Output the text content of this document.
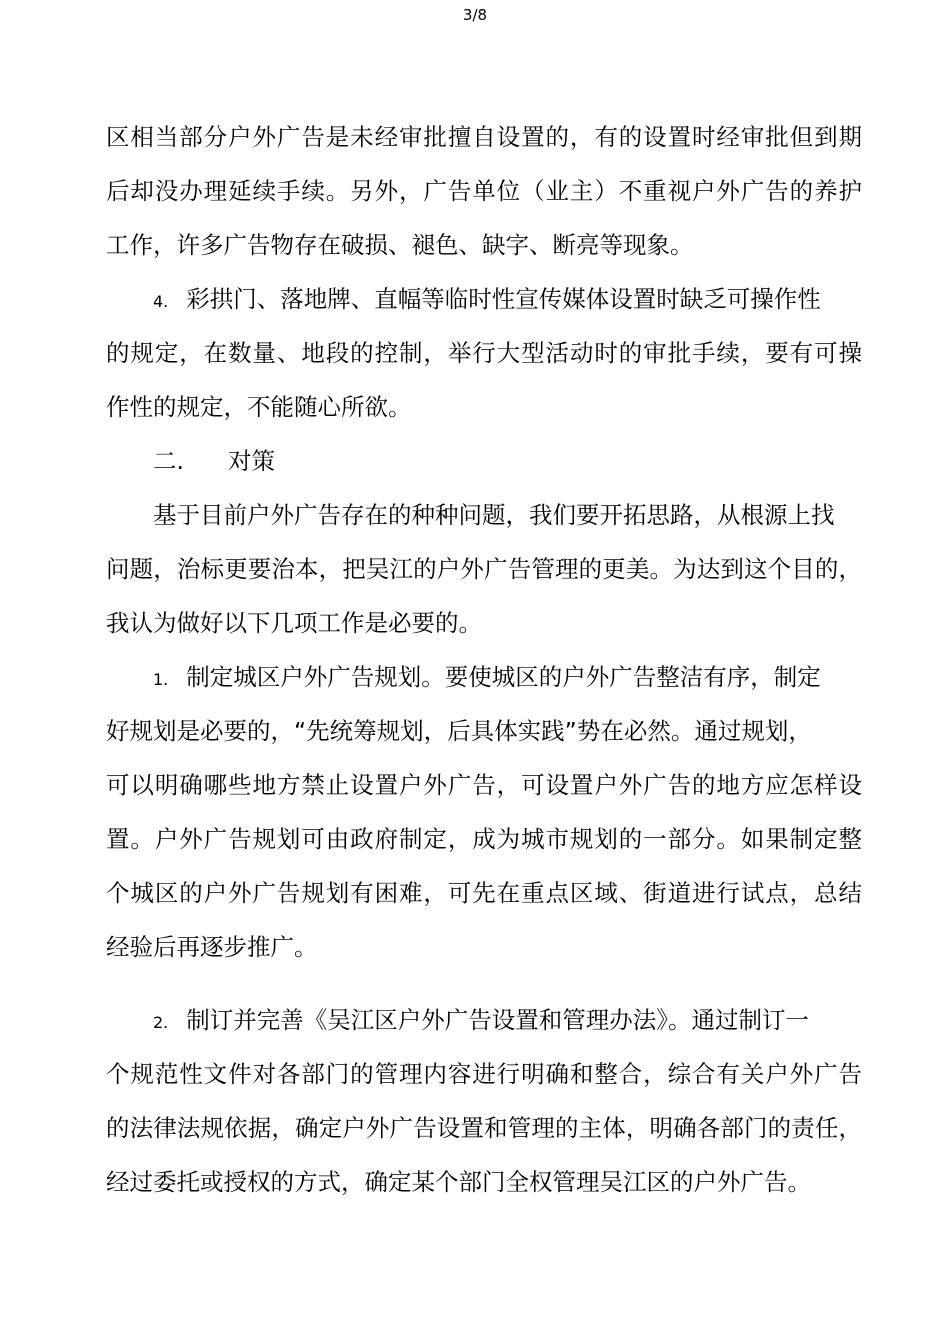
3/8
区相当部分户外广告是未经审批擅自设置的，有的设置时经审批但到期
后却没办理延续手续。另外，广告单位（业主）不重视户外广告的养护
工作，许多广告物存在破损、褪色、缺字、断亮等现象。
4. 彩拱门、落地牌、直幅等临时性宣传媒体设置时缺乏可操作性
的规定，在数量、地段的控制，举行大型活动时的审批手续，要有可操
作性的规定，不能随心所欲。
二. 对策
基于目前户外广告存在的种种问题，我们要开拓思路，从根源上找
问题，治标更要治本，把吴江的户外广告管理的更美。为达到这个目的，
我认为做好以下几项工作是必要的。
1. 制定城区户外广告规划。要使城区的户外广告整洁有序，制定
好规划是必要的，“先统筹规划，后具体实践”势在必然。通过规划，
可以明确哪些地方禁止设置户外广告，可设置户外广告的地方应怎样设
置。户外广告规划可由政府制定，成为城市规划的一部分。如果制定整
个城区的户外广告规划有困难，可先在重点区域、街道进行试点，总结
经验后再逐步推广。
2. 制订并完善《吴江区户外广告设置和管理办法》。通过制订一
个规范性文件对各部门的管理内容进行明确和整合，综合有关户外广告
的法律法规依据，确定户外广告设置和管理的主体，明确各部门的责任，
经过委托或授权的方式，确定某个部门全权管理吴江区的户外广告。
